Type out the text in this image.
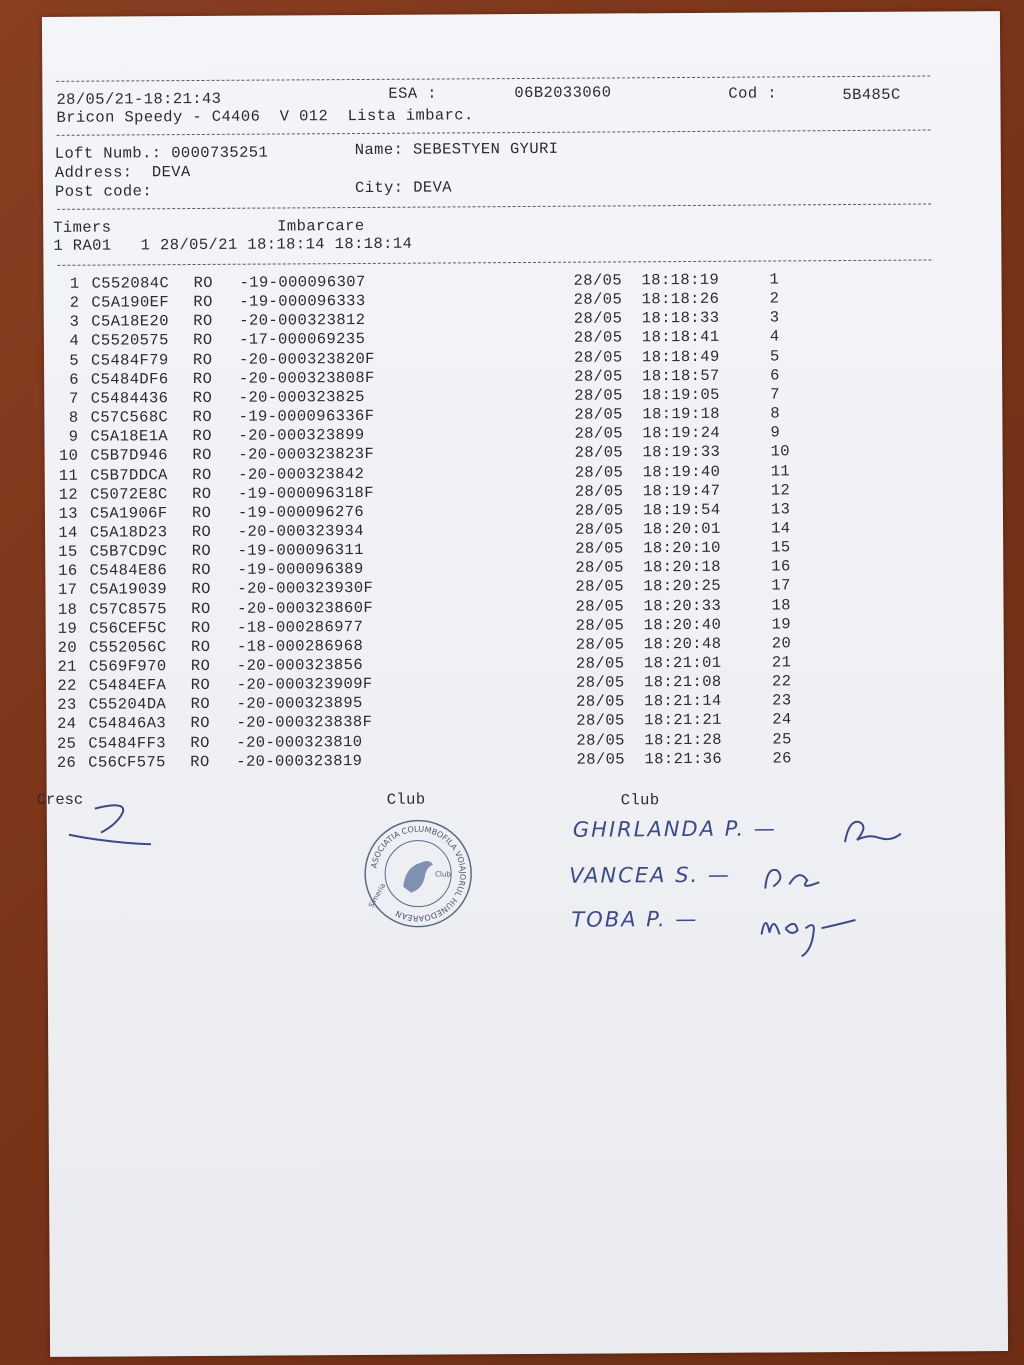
28/05/21-18:21:43	ESA :	06B2033060	Cod :	5B485C
Bricon Speedy - C4406  V 012  Lista imbarc.
Loft Numb.: 0000735251	Name: SEBESTYEN GYURI
Address:  DEVA
Post code:	City: DEVA
Timers	Imbarcare
1 RA01   1 28/05/21 18:18:14 18:18:14
1 C552084C RO -19-000096307	28/05 18:18:19	1
2 C5A190EF RO -19-000096333	28/05 18:18:26	2
3 C5A18E20 RO -20-000323812	28/05 18:18:33	3
4 C5520575 RO -17-000069235	28/05 18:18:41	4
5 C5484F79 RO -20-000323820F	28/05 18:18:49	5
6 C5484DF6 RO -20-000323808F	28/05 18:18:57	6
7 C5484436 RO -20-000323825	28/05 18:19:05	7
8 C57C568C RO -19-000096336F	28/05 18:19:18	8
9 C5A18E1A RO -20-000323899	28/05 18:19:24	9
10 C5B7D946 RO -20-000323823F	28/05 18:19:33	10
11 C5B7DDCA RO -20-000323842	28/05 18:19:40	11
12 C5072E8C RO -19-000096318F	28/05 18:19:47	12
13 C5A1906F RO -19-000096276	28/05 18:19:54	13
14 C5A18D23 RO -20-000323934	28/05 18:20:01	14
15 C5B7CD9C RO -19-000096311	28/05 18:20:10	15
16 C5484E86 RO -19-000096389	28/05 18:20:18	16
17 C5A19039 RO -20-000323930F	28/05 18:20:25	17
18 C57C8575 RO -20-000323860F	28/05 18:20:33	18
19 C56CEF5C RO -18-000286977	28/05 18:20:40	19
20 C552056C RO -18-000286968	28/05 18:20:48	20
21 C569F970 RO -20-000323856	28/05 18:21:01	21
22 C5484EFA RO -20-000323909F	28/05 18:21:08	22
23 C55204DA RO -20-000323895	28/05 18:21:14	23
24 C54846A3 RO -20-000323838F	28/05 18:21:21	24
25 C5484FF3 RO -20-000323810	28/05 18:21:28	25
26 C56CF575 RO -20-000323819	28/05 18:21:36	26
Cresc	Club	Club
ASOCIATIA COLUMBOFILA VOIAJORUL HUNEDOAREAN
Club
Simeria
GHIRLANDA P. —
VANCEA S. —
TOBA P. —
